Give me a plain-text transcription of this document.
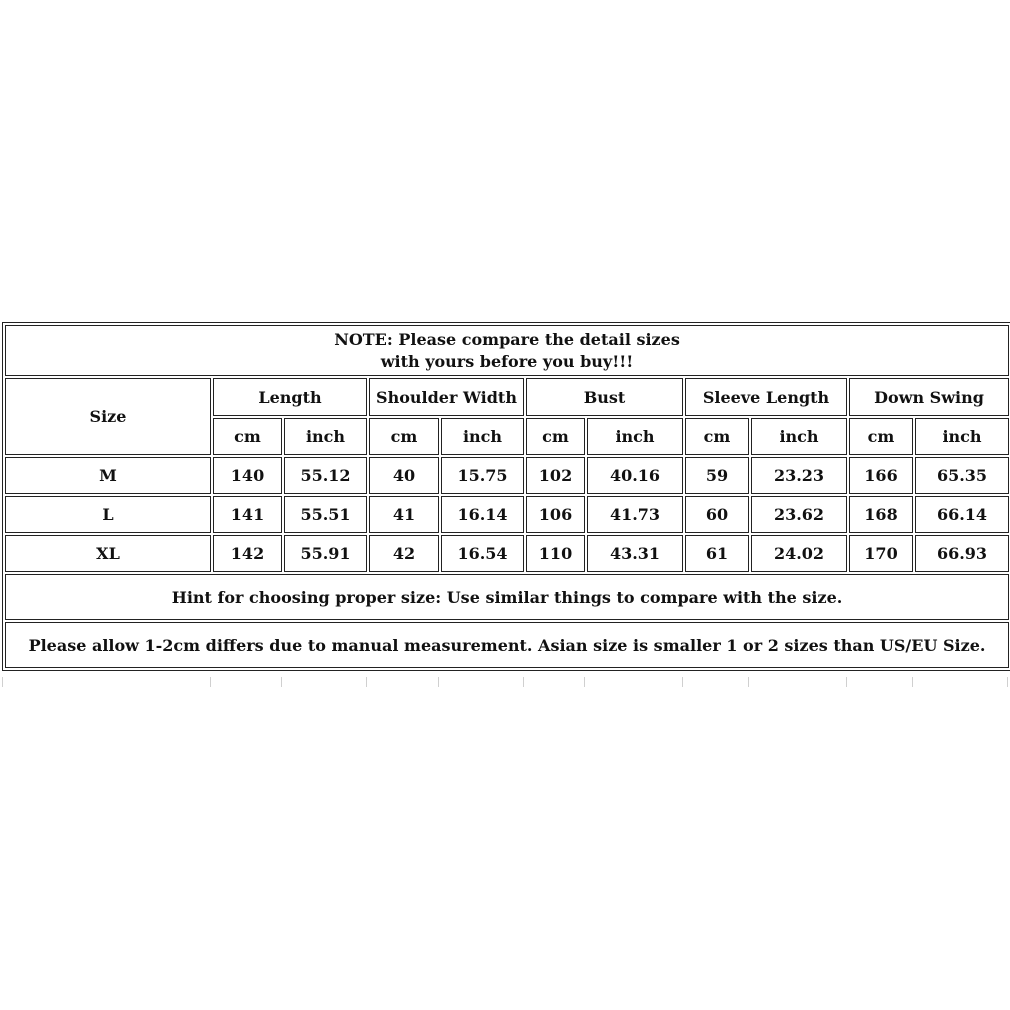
NOTE: Please compare the detail sizes
with yours before you buy!!!										

Size	Length		Shoulder Width		Bust		Sleeve Length		Down Swing	
	cm	inch	cm	inch	cm	inch	cm	inch	cm	inch
M	140	55.12	40	15.75	102	40.16	59	23.23	166	65.35
L	141	55.51	41	16.14	106	41.73	60	23.62	168	66.14
XL	142	55.91	42	16.54	110	43.31	61	24.02	170	66.93
Hint for choosing proper size: Use similar things to compare with the size.										
Please allow 1-2cm differs due to manual measurement. Asian size is smaller 1 or 2 sizes than US/EU Size.										
